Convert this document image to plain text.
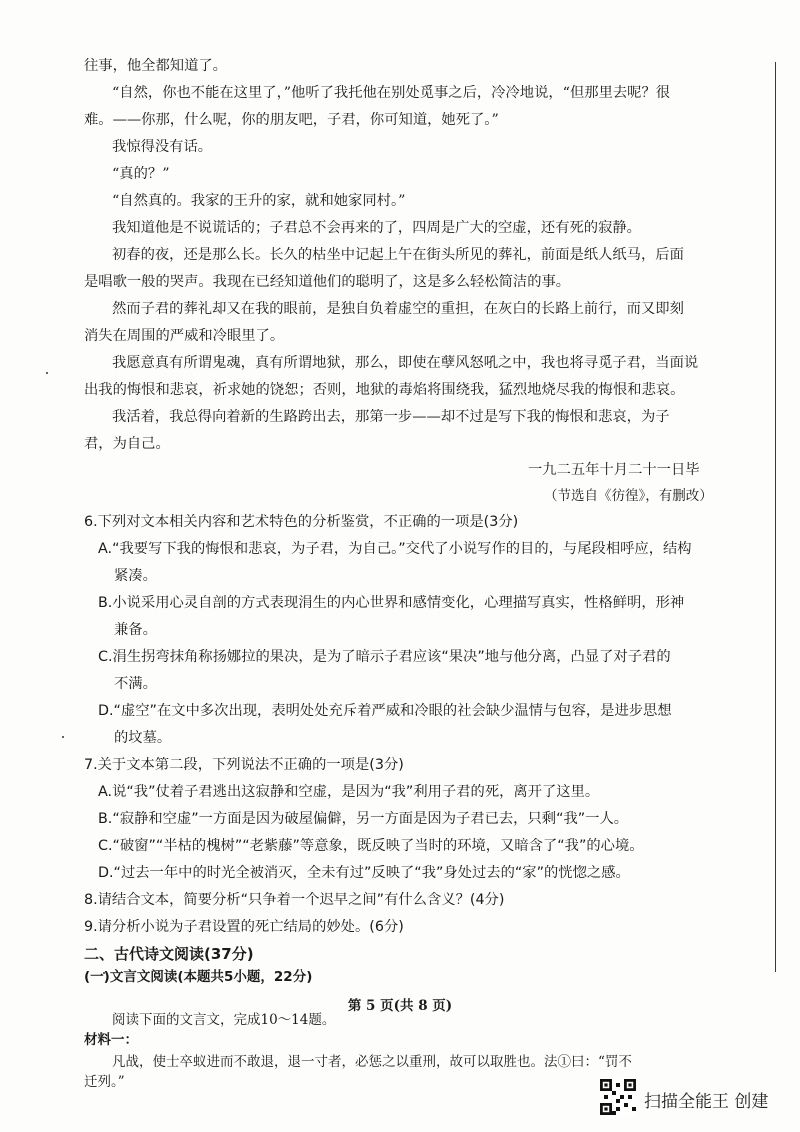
往事，他全都知道了。
“自然，你也不能在这里了，”他听了我托他在别处觅事之后，冷冷地说，“但那里去呢？很
难。——你那，什么呢，你的朋友吧，子君，你可知道，她死了。”
我惊得没有话。
“真的？”
“自然真的。我家的王升的家，就和她家同村。”
我知道他是不说谎话的；子君总不会再来的了，四周是广大的空虚，还有死的寂静。
初春的夜，还是那么长。长久的枯坐中记起上午在街头所见的葬礼，前面是纸人纸马，后面
是唱歌一般的哭声。我现在已经知道他们的聪明了，这是多么轻松简洁的事。
然而子君的葬礼却又在我的眼前，是独自负着虚空的重担，在灰白的长路上前行，而又即刻
消失在周围的严威和冷眼里了。
我愿意真有所谓鬼魂，真有所谓地狱，那么，即使在孽风怒吼之中，我也将寻觅子君，当面说
出我的悔恨和悲哀，祈求她的饶恕；否则，地狱的毒焰将围绕我，猛烈地烧尽我的悔恨和悲哀。
我活着，我总得向着新的生路跨出去，那第一步——却不过是写下我的悔恨和悲哀，为子
君，为自己。
一九二五年十月二十一日毕
（节选自《彷徨》，有删改）
6.下列对文本相关内容和艺术特色的分析鉴赏，不正确的一项是(3分)
A.“我要写下我的悔恨和悲哀，为子君，为自己。”交代了小说写作的目的，与尾段相呼应，结构
紧凑。
B.小说采用心灵自剖的方式表现涓生的内心世界和感情变化，心理描写真实，性格鲜明，形神
兼备。
C.涓生拐弯抹角称扬娜拉的果决，是为了暗示子君应该“果决”地与他分离，凸显了对子君的
不满。
D.“虚空”在文中多次出现，表明处处充斥着严威和冷眼的社会缺少温情与包容，是进步思想
的坟墓。
7.关于文本第二段，下列说法不正确的一项是(3分)
A.说“我”仗着子君逃出这寂静和空虚，是因为“我”利用子君的死，离开了这里。
B.“寂静和空虚”一方面是因为破屋偏僻，另一方面是因为子君已去，只剩“我”一人。
C.“破窗”“半枯的槐树”“老紫藤”等意象，既反映了当时的环境，又暗含了“我”的心境。
D.“过去一年中的时光全被消灭，全未有过”反映了“我”身处过去的“家”的恍惚之感。
8.请结合文本，简要分析“只争着一个迟早之间”有什么含义？(4分)
9.请分析小说为子君设置的死亡结局的妙处。(6分)
二、古代诗文阅读(37分)
(一)文言文阅读(本题共5小题，22分)
阅读下面的文言文，完成10～14题。
第 5 页(共 8 页)
材料一：
凡战，使士卒蚁进而不敢退，退一寸者，必惩之以重刑，故可以取胜也。法①曰：“罚不
迁列。”
扫描全能王 创建
